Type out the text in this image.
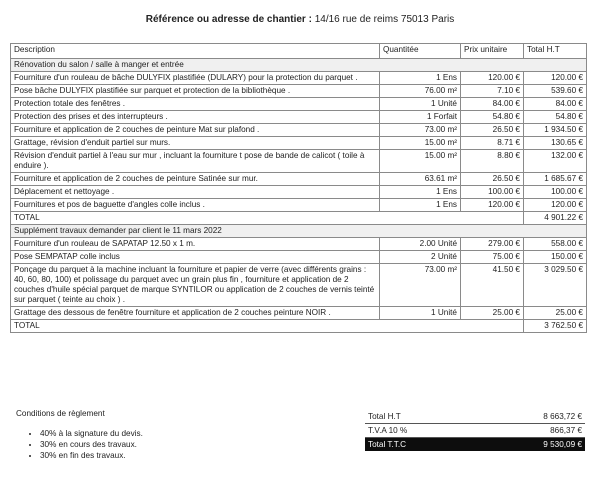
Référence ou adresse de chantier : 14/16 rue de reims 75013 Paris
Description	Quantitée	Prix unitaire	Total H.T
Rénovation du salon / salle à manger et entrée			
Fourniture d'un rouleau de bâche DULYFIX plastifiée (DULARY) pour la protection du parquet .	1 Ens	120.00 €	120.00 €
Pose bâche DULYFIX plastifiée sur parquet et protection de la bibliothèque .	76.00 m²	7.10 €	539.60 €
Protection totale des fenêtres .	1 Unité	84.00 €	84.00 €
Protection des prises et des interrupteurs .	1 Forfait	54.80 €	54.80 €
Fourniture et application de 2 couches de peinture Mat sur plafond .	73.00 m²	26.50 €	1 934.50 €
Grattage, révision d'enduit partiel sur murs.	15.00 m²	8.71 €	130.65 €
Révision d'enduit partiel à l'eau sur mur , incluant la fourniture t pose de bande de calicot ( toile à enduire ).	15.00 m²	8.80 €	132.00 €
Fourniture et application de 2 couches de peinture Satinée sur mur.	63.61 m²	26.50 €	1 685.67 €
Déplacement et nettoyage .	1 Ens	100.00 €	100.00 €
Fournitures et pos de baguette d'angles colle inclus .	1 Ens	120.00 €	120.00 €
TOTAL			4 901.22 €
Supplément travaux demander par client le 11 mars 2022			
Fourniture d'un rouleau de SAPATAP 12.50 x 1 m.	2.00 Unité	279.00 €	558.00 €
Pose SEMPATAP colle inclus	2 Unité	75.00 €	150.00 €
Ponçage du parquet à la machine incluant la fourniture et papier de verre (avec différents grains : 40, 60, 80, 100) et polissage du parquet avec un grain plus fin , fourniture et application de 2 couches d'huile spécial parquet de marque SYNTILOR ou application de 2 couches de vernis teinté sur parquet ( teinte au choix ) .	73.00 m²	41.50 €	3 029.50 €
Grattage des dessous de fenêtre fourniture et application de 2 couches peinture NOIR .	1 Unité	25.00 €	25.00 €
TOTAL			3 762.50 €
Conditions de règlement
• 40% à la signature du devis.
• 30% en cours des travaux.
• 30% en fin des travaux.
Total H.T	8 663,72 €
T.V.A 10 %	866,37 €
Total T.T.C	9 530,09 €
